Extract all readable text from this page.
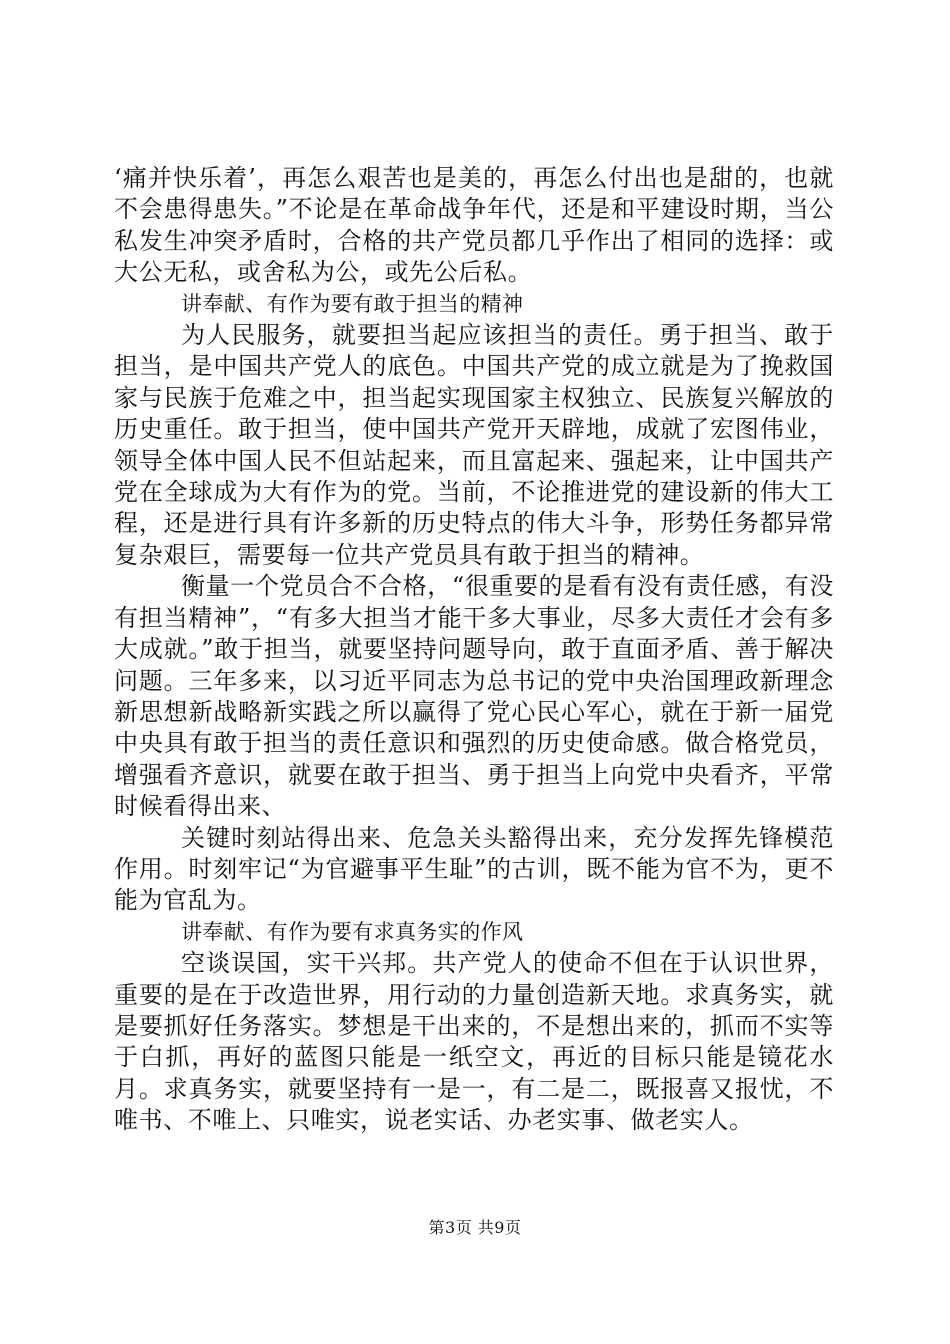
‘痛并快乐着’，再怎么艰苦也是美的，再怎么付出也是甜的，也就不会患得患失。”不论是在革命战争年代，还是和平建设时期，当公私发生冲突矛盾时，合格的共产党员都几乎作出了相同的选择：或大公无私，或舍私为公，或先公后私。

讲奉献、有作为要有敢于担当的精神

为人民服务，就要担当起应该担当的责任。勇于担当、敢于担当，是中国共产党人的底色。中国共产党的成立就是为了挽救国家与民族于危难之中，担当起实现国家主权独立、民族复兴解放的历史重任。敢于担当，使中国共产党开天辟地，成就了宏图伟业，领导全体中国人民不但站起来，而且富起来、强起来，让中国共产党在全球成为大有作为的党。当前，不论推进党的建设新的伟大工程，还是进行具有许多新的历史特点的伟大斗争，形势任务都异常复杂艰巨，需要每一位共产党员具有敢于担当的精神。

衡量一个党员合不合格，“很重要的是看有没有责任感，有没有担当精神”，“有多大担当才能干多大事业，尽多大责任才会有多大成就。”敢于担当，就要坚持问题导向，敢于直面矛盾、善于解决问题。三年多来，以习近平同志为总书记的党中央治国理政新理念新思想新战略新实践之所以赢得了党心民心军心，就在于新一届党中央具有敢于担当的责任意识和强烈的历史使命感。做合格党员，增强看齐意识，就要在敢于担当、勇于担当上向党中央看齐，平常时候看得出来、

关键时刻站得出来、危急关头豁得出来，充分发挥先锋模范作用。时刻牢记“为官避事平生耻”的古训，既不能为官不为，更不能为官乱为。

讲奉献、有作为要有求真务实的作风

空谈误国，实干兴邦。共产党人的使命不但在于认识世界，重要的是在于改造世界，用行动的力量创造新天地。求真务实，就是要抓好任务落实。梦想是干出来的，不是想出来的，抓而不实等于白抓，再好的蓝图只能是一纸空文，再近的目标只能是镜花水月。求真务实，就要坚持有一是一，有二是二，既报喜又报忧，不唯书、不唯上、只唯实，说老实话、办老实事、做老实人。

第3页 共9页
